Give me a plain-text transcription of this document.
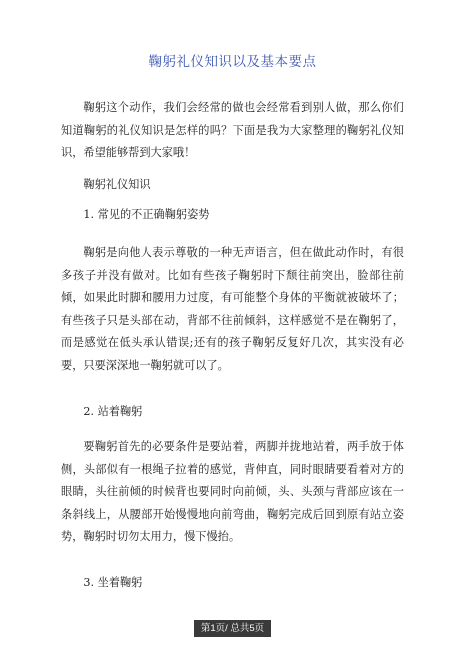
鞠躬礼仪知识以及基本要点

鞠躬这个动作，我们会经常的做也会经常看到别人做，那么你们知道鞠躬的礼仪知识是怎样的吗？下面是我为大家整理的鞠躬礼仪知识，希望能够帮到大家哦！

鞠躬礼仪知识

1. 常见的不正确鞠躬姿势

鞠躬是向他人表示尊敬的一种无声语言，但在做此动作时，有很多孩子并没有做对。比如有些孩子鞠躬时下颓往前突出，脸部往前倾，如果此时脚和腰用力过度，有可能整个身体的平衡就被破坏了；有些孩子只是头部在动，背部不往前倾斜，这样感觉不是在鞠躬了，而是感觉在低头承认错误;还有的孩子鞠躬反复好几次，其实没有必要，只要深深地一鞠躬就可以了。

2. 站着鞠躬

要鞠躬首先的必要条件是要站着，两脚并拢地站着，两手放于体侧，头部似有一根绳子拉着的感觉，背伸直，同时眼睛要看着对方的眼睛，头往前倾的时候背也要同时向前倾，头、头颈与背部应该在一条斜线上，从腰部开始慢慢地向前弯曲，鞠躬完成后回到原有站立姿势，鞠躬时切勿太用力，慢下慢抬。

3. 坐着鞠躬

第1页/ 总共5页
